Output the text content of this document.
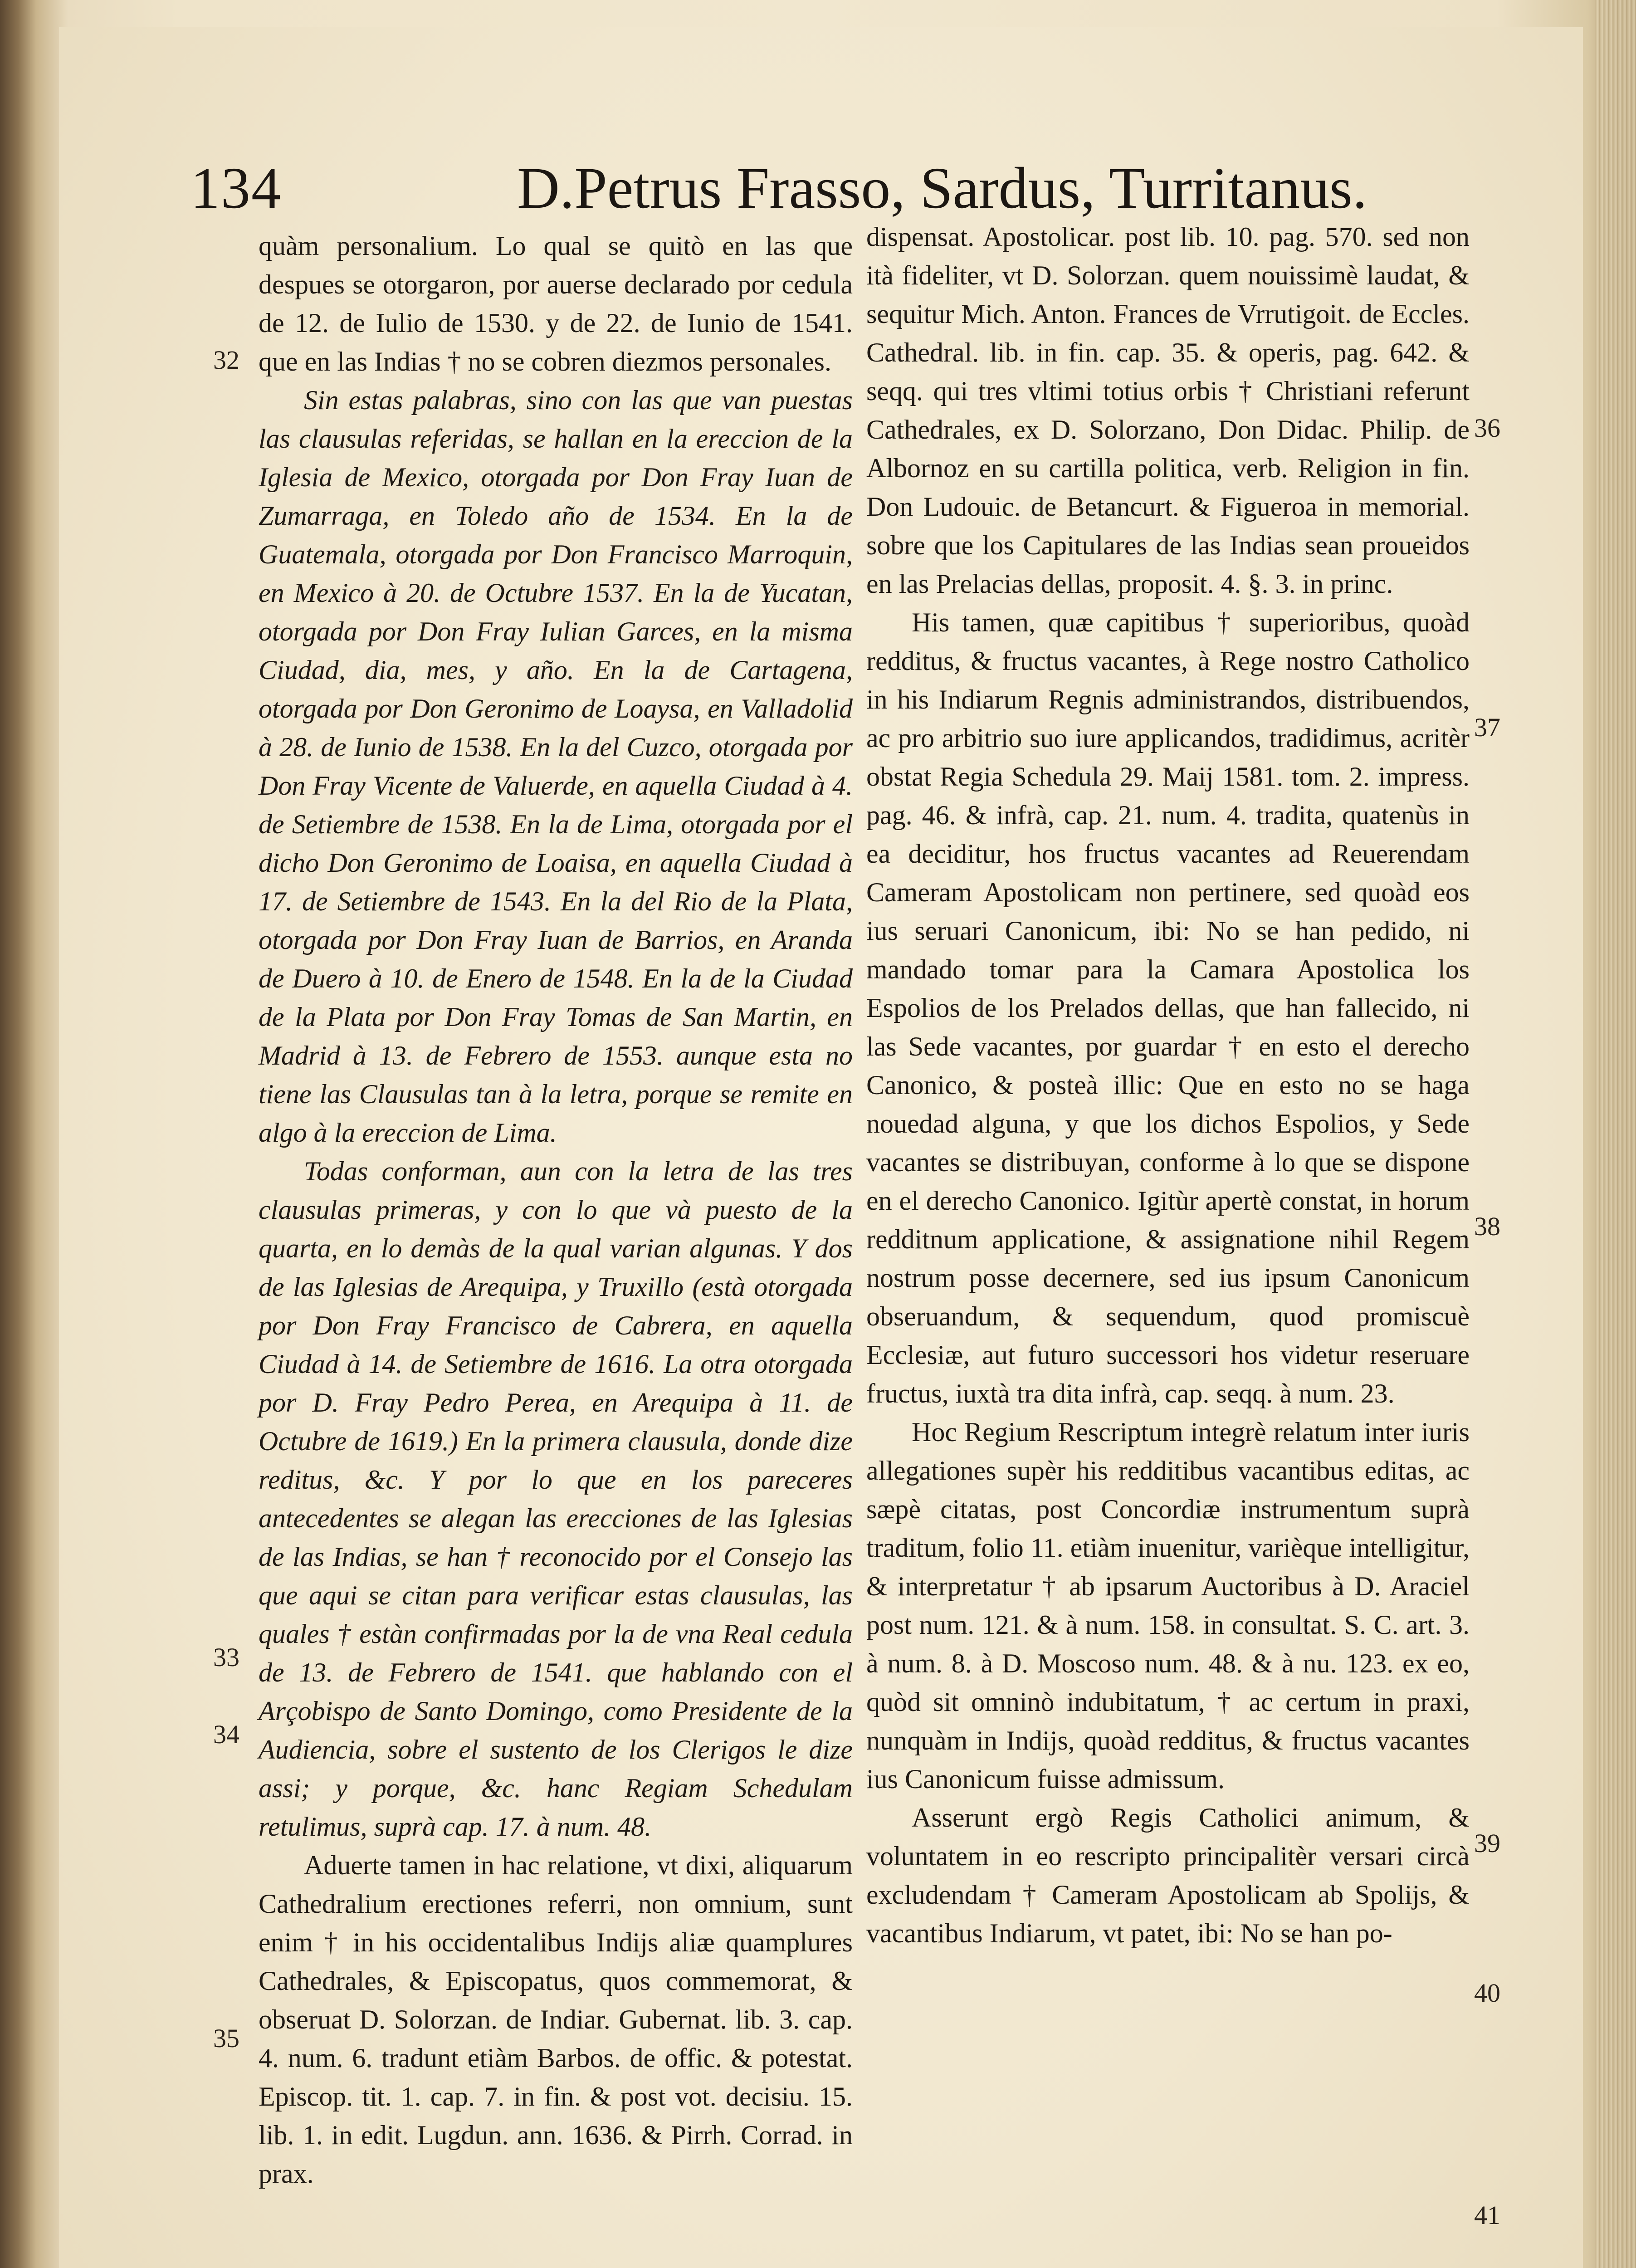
134	D.Petrus Frasso, Sardus, Turritanus.

quàm personalium. Lo qual se quitò en las que despues se otorgaron, por auerse declarado por cedula de 12. de Iulio de 1530. y de 22. de Iunio de 1541. que en las Indias † no se cobren diezmos personales.

Sin estas palabras, sino con las que van puestas las clausulas referidas, se hallan en la ereccion de la Iglesia de Mexico, otorgada por Don Fray Iuan de Zumarraga, en Toledo año de 1534. En la de Guatemala, otorgada por Don Francisco Marroquin, en Mexico à 20. de Octubre 1537. En la de Yucatan, otorgada por Don Fray Iulian Garces, en la misma Ciudad, dia, mes, y año. En la de Cartagena, otorgada por Don Geronimo de Loaysa, en Valladolid à 28. de Iunio de 1538. En la del Cuzco, otorgada por Don Fray Vicente de Valuerde, en aquella Ciudad à 4. de Setiembre de 1538. En la de Lima, otorgada por el dicho Don Geronimo de Loaisa, en aquella Ciudad à 17. de Setiembre de 1543. En la del Rio de la Plata, otorgada por Don Fray Iuan de Barrios, en Aranda de Duero à 10. de Enero de 1548. En la de la Ciudad de la Plata por Don Fray Tomas de San Martin, en Madrid à 13. de Febrero de 1553. aunque esta no tiene las Clausulas tan à la letra, porque se remite en algo à la ereccion de Lima.

Todas conforman, aun con la letra de las tres clausulas primeras, y con lo que và puesto de la quarta, en lo demàs de la qual varian algunas. Y dos de las Iglesias de Arequipa, y Truxillo (està otorgada por Don Fray Francisco de Cabrera, en aquella Ciudad à 14. de Setiembre de 1616. La otra otorgada por D. Fray Pedro Perea, en Arequipa à 11. de Octubre de 1619.) En la primera clausula, donde dize reditus, &c. Y por lo que en los pareceres antecedentes se alegan las erecciones de las Iglesias de las Indias, se han † reconocido por el Consejo las que aqui se citan para verificar estas clausulas, las quales † estàn confirmadas por la de vna Real cedula de 13. de Febrero de 1541. que hablando con el Arçobispo de Santo Domingo, como Presidente de la Audiencia, sobre el sustento de los Clerigos le dize assi; y porque, &c. hanc Regiam Schedulam retulimus, suprà cap. 17. à num. 48.

Aduerte tamen in hac relatione, vt dixi, aliquarum Cathedralium erectiones referri, non omnium, sunt enim † in his occidentalibus Indijs aliæ quamplures Cathedrales, & Episcopatus, quos commemorat, & obseruat D. Solorzan. de Indiar. Gubernat. lib. 3. cap. 4. num. 6. tradunt etiàm Barbos. de offic. & potestat. Episcop. tit. 1. cap. 7. in fin. & post vot. decisiu. 15. lib. 1. in edit. Lugdun. ann. 1636. & Pirrh. Corrad. in prax.

dispensat. Apostolicar. post lib. 10. pag. 570. sed non ità fideliter, vt D. Solorzan. quem nouissimè laudat, & sequitur Mich. Anton. Frances de Vrrutigoit. de Eccles. Cathedral. lib. in fin. cap. 35. & operis, pag. 642. & seqq. qui tres vltimi totius orbis † Christiani referunt Cathedrales, ex D. Solorzano, Don Didac. Philip. de Albornoz en su cartilla politica, verb. Religion in fin. Don Ludouic. de Betancurt. & Figueroa in memorial. sobre que los Capitulares de las Indias sean proueidos en las Prelacias dellas, proposit. 4. §. 3. in princ.

His tamen, quæ capitibus † superioribus, quoàd redditus, & fructus vacantes, à Rege nostro Catholico in his Indiarum Regnis administrandos, distribuendos, ac pro arbitrio suo iure applicandos, tradidimus, acritèr obstat Regia Schedula 29. Maij 1581. tom. 2. impress. pag. 46. & infrà, cap. 21. num. 4. tradita, quatenùs in ea deciditur, hos fructus vacantes ad Reuerendam Cameram Apostolicam non pertinere, sed quoàd eos ius seruari Canonicum, ibi: No se han pedido, ni mandado tomar para la Camara Apostolica los Espolios de los Prelados dellas, que han fallecido, ni las Sede vacantes, por guardar † en esto el derecho Canonico, & posteà illic: Que en esto no se haga nouedad alguna, y que los dichos Espolios, y Sede vacantes se distribuyan, conforme à lo que se dispone en el derecho Canonico. Igitùr apertè constat, in horum redditnum applicatione, & assignatione nihil Regem nostrum posse decernere, sed ius ipsum Canonicum obseruandum, & sequendum, quod promiscuè Ecclesiæ, aut futuro successori hos videtur reseruare fructus, iuxtà tra dita infrà, cap. seqq. à num. 23.

Hoc Regium Rescriptum integrè relatum inter iuris allegationes supèr his redditibus vacantibus editas, ac sæpè citatas, post Concordiæ instrumentum suprà traditum, folio 11. etiàm inuenitur, varièque intelligitur, & interpretatur † ab ipsarum Auctoribus à D. Araciel post num. 121. & à num. 158. in consultat. S. C. art. 3. à num. 8. à D. Moscoso num. 48. & à nu. 123. ex eo, quòd sit omninò indubitatum, † ac certum in praxi, nunquàm in Indijs, quoàd redditus, & fructus vacantes ius Canonicum fuisse admissum.

Asserunt ergò Regis Catholici animum, & voluntatem in eo rescripto principalitèr versari circà excludendam † Cameram Apostolicam ab Spolijs, & vacantibus Indiarum, vt patet, ibi: No se han po-

32
33
34
35
36
37
38
39
40
41
